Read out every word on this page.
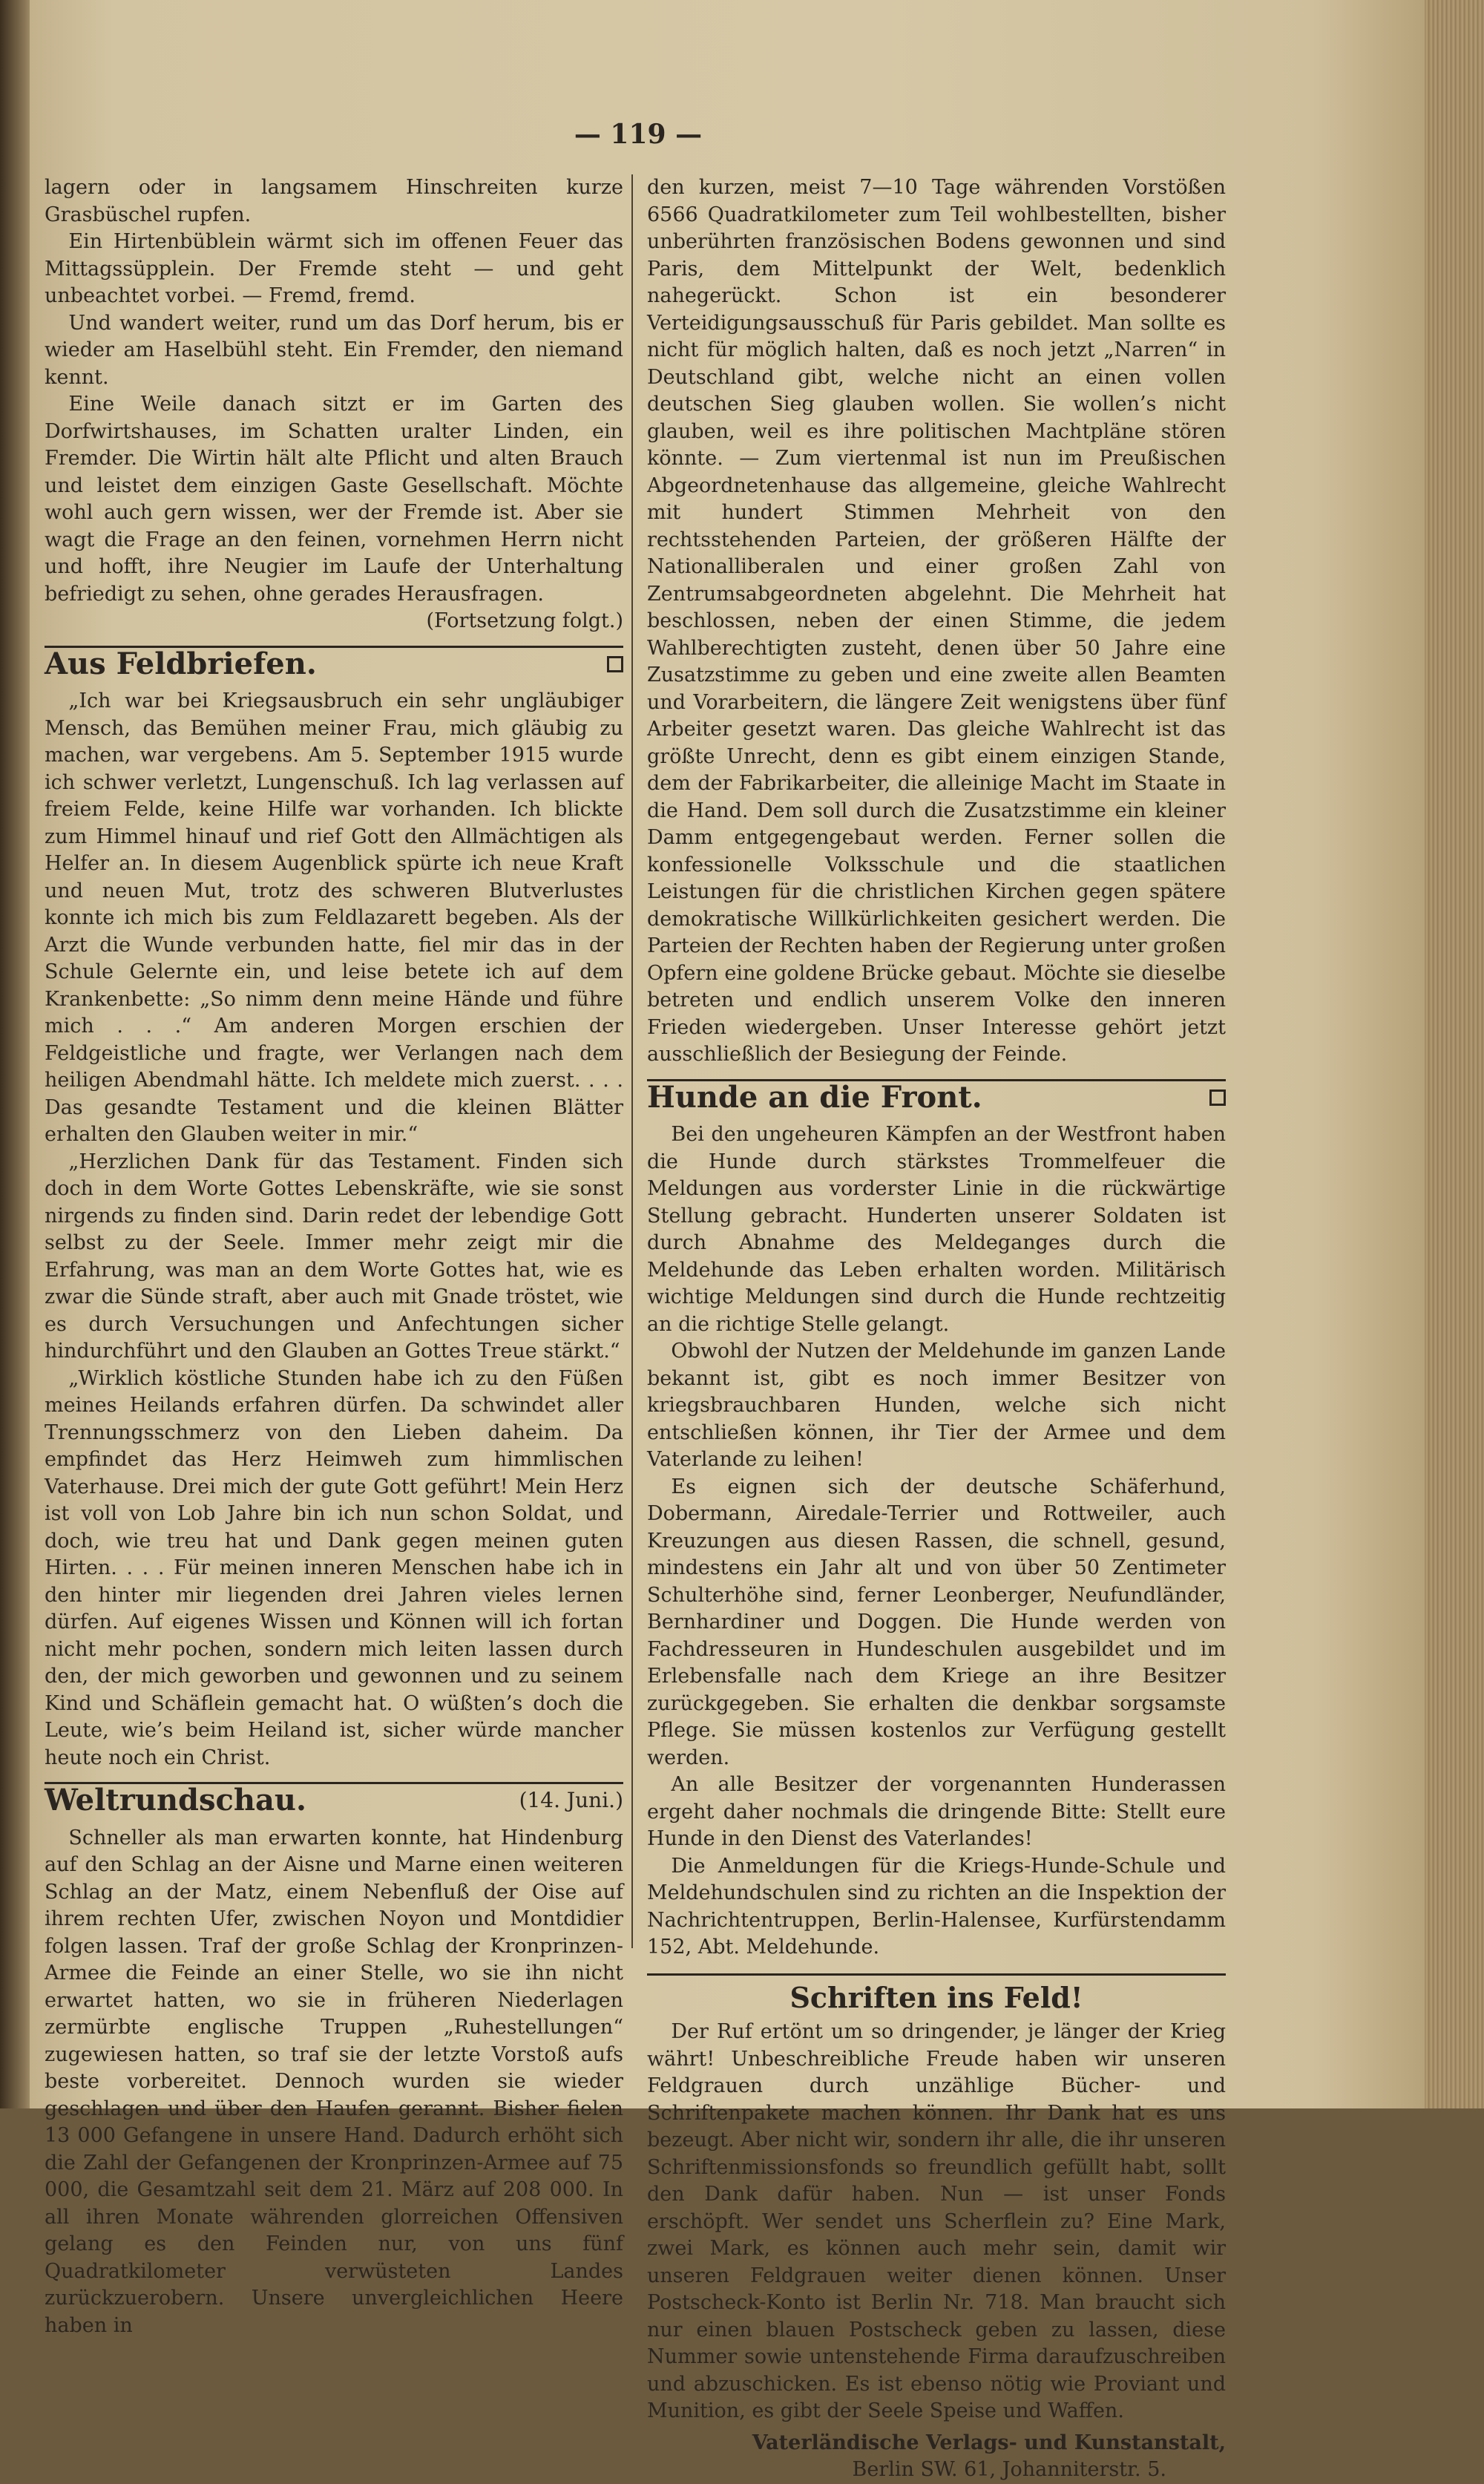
— 119 —

lagern oder in langsamem Hinschreiten kurze Grasbüschel rupfen.

Ein Hirtenbüblein wärmt sich im offenen Feuer das Mittagssüpplein. Der Fremde steht — und geht unbeachtet vorbei. — Fremd, fremd.

Und wandert weiter, rund um das Dorf herum, bis er wieder am Haselbühl steht. Ein Fremder, den niemand kennt.

Eine Weile danach sitzt er im Garten des Dorfwirtshauses, im Schatten uralter Linden, ein Fremder. Die Wirtin hält alte Pflicht und alten Brauch und leistet dem einzigen Gaste Gesellschaft. Möchte wohl auch gern wissen, wer der Fremde ist. Aber sie wagt die Frage an den feinen, vornehmen Herrn nicht und hofft, ihre Neugier im Laufe der Unterhaltung befriedigt zu sehen, ohne gerades Herausfragen.

(Fortsetzung folgt.)

Aus Feldbriefen.

„Ich war bei Kriegsausbruch ein sehr ungläubiger Mensch, das Bemühen meiner Frau, mich gläubig zu machen, war vergebens. Am 5. September 1915 wurde ich schwer verletzt, Lungenschuß. Ich lag verlassen auf freiem Felde, keine Hilfe war vorhanden. Ich blickte zum Himmel hinauf und rief Gott den Allmächtigen als Helfer an. In diesem Augenblick spürte ich neue Kraft und neuen Mut, trotz des schweren Blutverlustes konnte ich mich bis zum Feldlazarett begeben. Als der Arzt die Wunde verbunden hatte, fiel mir das in der Schule Gelernte ein, und leise betete ich auf dem Krankenbette: „So nimm denn meine Hände und führe mich . . .“ Am anderen Morgen erschien der Feldgeistliche und fragte, wer Verlangen nach dem heiligen Abendmahl hätte. Ich meldete mich zuerst. . . . Das gesandte Testament und die kleinen Blätter erhalten den Glauben weiter in mir.“

„Herzlichen Dank für das Testament. Finden sich doch in dem Worte Gottes Lebenskräfte, wie sie sonst nirgends zu finden sind. Darin redet der lebendige Gott selbst zu der Seele. Immer mehr zeigt mir die Erfahrung, was man an dem Worte Gottes hat, wie es zwar die Sünde straft, aber auch mit Gnade tröstet, wie es durch Versuchungen und Anfechtungen sicher hindurchführt und den Glauben an Gottes Treue stärkt.“

„Wirklich köstliche Stunden habe ich zu den Füßen meines Heilands erfahren dürfen. Da schwindet aller Trennungsschmerz von den Lieben daheim. Da empfindet das Herz Heimweh zum himmlischen Vaterhause. Drei mich der gute Gott geführt! Mein Herz ist voll von Lob Jahre bin ich nun schon Soldat, und doch, wie treu hat und Dank gegen meinen guten Hirten. . . . Für meinen inneren Menschen habe ich in den hinter mir liegenden drei Jahren vieles lernen dürfen. Auf eigenes Wissen und Können will ich fortan nicht mehr pochen, sondern mich leiten lassen durch den, der mich geworben und gewonnen und zu seinem Kind und Schäflein gemacht hat. O wüßten’s doch die Leute, wie’s beim Heiland ist, sicher würde mancher heute noch ein Christ.

Weltrundschau.	(14. Juni.)

Schneller als man erwarten konnte, hat Hindenburg auf den Schlag an der Aisne und Marne einen weiteren Schlag an der Matz, einem Nebenfluß der Oise auf ihrem rechten Ufer, zwischen Noyon und Montdidier folgen lassen. Traf der große Schlag der Kronprinzen-Armee die Feinde an einer Stelle, wo sie ihn nicht erwartet hatten, wo sie in früheren Niederlagen zermürbte englische Truppen „Ruhestellungen“ zugewiesen hatten, so traf sie der letzte Vorstoß aufs beste vorbereitet. Dennoch wurden sie wieder geschlagen und über den Haufen gerannt. Bisher fielen 13 000 Gefangene in unsere Hand. Dadurch erhöht sich die Zahl der Gefangenen der Kronprinzen-Armee auf 75 000, die Gesamtzahl seit dem 21. März auf 208 000. In all ihren Monate währenden glorreichen Offensiven gelang es den Feinden nur, von uns fünf Quadratkilometer verwüsteten Landes zurückzuerobern. Unsere unvergleichlichen Heere haben in

den kurzen, meist 7—10 Tage währenden Vorstößen 6566 Quadratkilometer zum Teil wohlbestellten, bisher unberührten französischen Bodens gewonnen und sind Paris, dem Mittelpunkt der Welt, bedenklich nahegerückt. Schon ist ein besonderer Verteidigungsausschuß für Paris gebildet. Man sollte es nicht für möglich halten, daß es noch jetzt „Narren“ in Deutschland gibt, welche nicht an einen vollen deutschen Sieg glauben wollen. Sie wollen’s nicht glauben, weil es ihre politischen Machtpläne stören könnte. — Zum viertenmal ist nun im Preußischen Abgeordnetenhause das allgemeine, gleiche Wahlrecht mit hundert Stimmen Mehrheit von den rechtsstehenden Parteien, der größeren Hälfte der Nationalliberalen und einer großen Zahl von Zentrumsabgeordneten abgelehnt. Die Mehrheit hat beschlossen, neben der einen Stimme, die jedem Wahlberechtigten zusteht, denen über 50 Jahre eine Zusatzstimme zu geben und eine zweite allen Beamten und Vorarbeitern, die längere Zeit wenigstens über fünf Arbeiter gesetzt waren. Das gleiche Wahlrecht ist das größte Unrecht, denn es gibt einem einzigen Stande, dem der Fabrikarbeiter, die alleinige Macht im Staate in die Hand. Dem soll durch die Zusatzstimme ein kleiner Damm entgegengebaut werden. Ferner sollen die konfessionelle Volksschule und die staatlichen Leistungen für die christlichen Kirchen gegen spätere demokratische Willkürlichkeiten gesichert werden. Die Parteien der Rechten haben der Regierung unter großen Opfern eine goldene Brücke gebaut. Möchte sie dieselbe betreten und endlich unserem Volke den inneren Frieden wiedergeben. Unser Interesse gehört jetzt ausschließlich der Besiegung der Feinde.

Hunde an die Front.

Bei den ungeheuren Kämpfen an der Westfront haben die Hunde durch stärkstes Trommelfeuer die Meldungen aus vorderster Linie in die rückwärtige Stellung gebracht. Hunderten unserer Soldaten ist durch Abnahme des Meldeganges durch die Meldehunde das Leben erhalten worden. Militärisch wichtige Meldungen sind durch die Hunde rechtzeitig an die richtige Stelle gelangt.

Obwohl der Nutzen der Meldehunde im ganzen Lande bekannt ist, gibt es noch immer Besitzer von kriegsbrauchbaren Hunden, welche sich nicht entschließen können, ihr Tier der Armee und dem Vaterlande zu leihen!

Es eignen sich der deutsche Schäferhund, Dobermann, Airedale-Terrier und Rottweiler, auch Kreuzungen aus diesen Rassen, die schnell, gesund, mindestens ein Jahr alt und von über 50 Zentimeter Schulterhöhe sind, ferner Leonberger, Neufundländer, Bernhardiner und Doggen. Die Hunde werden von Fachdresseuren in Hundeschulen ausgebildet und im Erlebensfalle nach dem Kriege an ihre Besitzer zurückgegeben. Sie erhalten die denkbar sorgsamste Pflege. Sie müssen kostenlos zur Verfügung gestellt werden.

An alle Besitzer der vorgenannten Hunderassen ergeht daher nochmals die dringende Bitte: Stellt eure Hunde in den Dienst des Vaterlandes!

Die Anmeldungen für die Kriegs-Hunde-Schule und Meldehundschulen sind zu richten an die Inspektion der Nachrichtentruppen, Berlin-Halensee, Kurfürstendamm 152, Abt. Meldehunde.

Schriften ins Feld!

Der Ruf ertönt um so dringender, je länger der Krieg währt! Unbeschreibliche Freude haben wir unseren Feldgrauen durch unzählige Bücher- und Schriftenpakete machen können. Ihr Dank hat es uns bezeugt. Aber nicht wir, sondern ihr alle, die ihr unseren Schriftenmissionsfonds so freundlich gefüllt habt, sollt den Dank dafür haben. Nun — ist unser Fonds erschöpft. Wer sendet uns Scherflein zu? Eine Mark, zwei Mark, es können auch mehr sein, damit wir unseren Feldgrauen weiter dienen können. Unser Postscheck-Konto ist Berlin Nr. 718. Man braucht sich nur einen blauen Postscheck geben zu lassen, diese Nummer sowie untenstehende Firma daraufzuschreiben und abzuschicken. Es ist ebenso nötig wie Proviant und Munition, es gibt der Seele Speise und Waffen.

Vaterländische Verlags- und Kunstanstalt,
Berlin SW. 61, Johanniterstr. 5.
